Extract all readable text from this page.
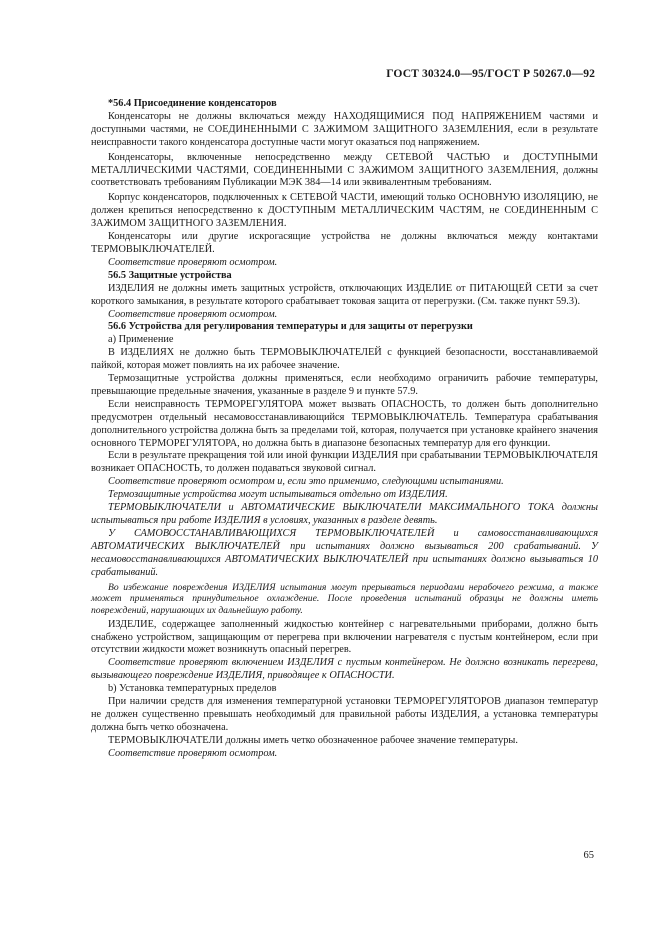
ГОСТ 30324.0—95/ГОСТ Р 50267.0—92

*56.4 Присоединение конденсаторов

Конденсаторы не должны включаться между НАХОДЯЩИМИСЯ ПОД НАПРЯЖЕНИЕМ частями и доступными частями, не СОЕДИНЕННЫМИ С ЗАЖИМОМ ЗАЩИТНОГО ЗАЗЕМЛЕНИЯ, если в результате неисправности такого конденсатора доступные части могут оказаться под напряжением.

Конденсаторы, включенные непосредственно между СЕТЕВОЙ ЧАСТЬЮ и ДОСТУПНЫМИ МЕТАЛЛИЧЕСКИМИ ЧАСТЯМИ, СОЕДИНЕННЫМИ С ЗАЖИМОМ ЗАЩИТНОГО ЗАЗЕМЛЕНИЯ, должны соответствовать требованиям Публикации МЭК 384—14 или эквивалентным требованиям.

Корпус конденсаторов, подключенных к СЕТЕВОЙ ЧАСТИ, имеющий только ОСНОВНУЮ ИЗОЛЯЦИЮ, не должен крепиться непосредственно к ДОСТУПНЫМ МЕТАЛЛИЧЕСКИМ ЧАСТЯМ, не СОЕДИНЕННЫМ С ЗАЖИМОМ ЗАЩИТНОГО ЗАЗЕМЛЕНИЯ.

Конденсаторы или другие искрогасящие устройства не должны включаться между контактами ТЕРМОВЫКЛЮЧАТЕЛЕЙ.

Соответствие проверяют осмотром.

56.5 Защитные устройства

ИЗДЕЛИЯ не должны иметь защитных устройств, отключающих ИЗДЕЛИЕ от ПИТАЮЩЕЙ СЕТИ за счет короткого замыкания, в результате которого срабатывает токовая защита от перегрузки. (См. также пункт 59.3).

Соответствие проверяют осмотром.

56.6 Устройства для регулирования температуры и для защиты от перегрузки

а) Применение

В ИЗДЕЛИЯХ не должно быть ТЕРМОВЫКЛЮЧАТЕЛЕЙ с функцией безопасности, восстанавливаемой пайкой, которая может повлиять на их рабочее значение.

Термозащитные устройства должны применяться, если необходимо ограничить рабочие температуры, превышающие предельные значения, указанные в разделе 9 и пункте 57.9.

Если неисправность ТЕРМОРЕГУЛЯТОРА может вызвать ОПАСНОСТЬ, то должен быть дополнительно предусмотрен отдельный несамовосстанавливающийся ТЕРМОВЫКЛЮЧАТЕЛЬ. Температура срабатывания дополнительного устройства должна быть за пределами той, которая, получается при установке крайнего значения основного ТЕРМОРЕГУЛЯТОРА, но должна быть в диапазоне безопасных температур для его функции.

Если в результате прекращения той или иной функции ИЗДЕЛИЯ при срабатывании ТЕРМОВЫКЛЮЧАТЕЛЯ возникает ОПАСНОСТЬ, то должен подаваться звуковой сигнал.

Соответствие проверяют осмотром и, если это применимо, следующими испытаниями.

Термозащитные устройства могут испытываться отдельно от ИЗДЕЛИЯ.

ТЕРМОВЫКЛЮЧАТЕЛИ и АВТОМАТИЧЕСКИЕ ВЫКЛЮЧАТЕЛИ МАКСИМАЛЬНОГО ТОКА должны испытываться при работе ИЗДЕЛИЯ в условиях, указанных в разделе девять.

У САМОВОССТАНАВЛИВАЮЩИХСЯ ТЕРМОВЫКЛЮЧАТЕЛЕЙ и самовосстанавливающихся АВТОМАТИЧЕСКИХ ВЫКЛЮЧАТЕЛЕЙ при испытаниях должно вызываться 200 срабатываний. У несамовосстанавливающихся АВТОМАТИЧЕСКИХ ВЫКЛЮЧАТЕЛЕЙ при испытаниях должно вызываться 10 срабатываний.

Во избежание повреждения ИЗДЕЛИЯ испытания могут прерываться периодами нерабочего режима, а также может применяться принудительное охлаждение. После проведения испытаний образцы не должны иметь повреждений, нарушающих их дальнейшую работу.

ИЗДЕЛИЕ, содержащее заполненный жидкостью контейнер с нагревательными приборами, должно быть снабжено устройством, защищающим от перегрева при включении нагревателя с пустым контейнером, если при отсутствии жидкости может возникнуть опасный перегрев.

Соответствие проверяют включением ИЗДЕЛИЯ с пустым контейнером. Не должно возникать перегрева, вызывающего повреждение ИЗДЕЛИЯ, приводящее к ОПАСНОСТИ.

b) Установка температурных пределов

При наличии средств для изменения температурной установки ТЕРМОРЕГУЛЯТОРОВ диапазон температур не должен существенно превышать необходимый для правильной работы ИЗДЕЛИЯ, а установка температуры должна быть четко обозначена.

ТЕРМОВЫКЛЮЧАТЕЛИ должны иметь четко обозначенное рабочее значение температуры.

Соответствие проверяют осмотром.

65
